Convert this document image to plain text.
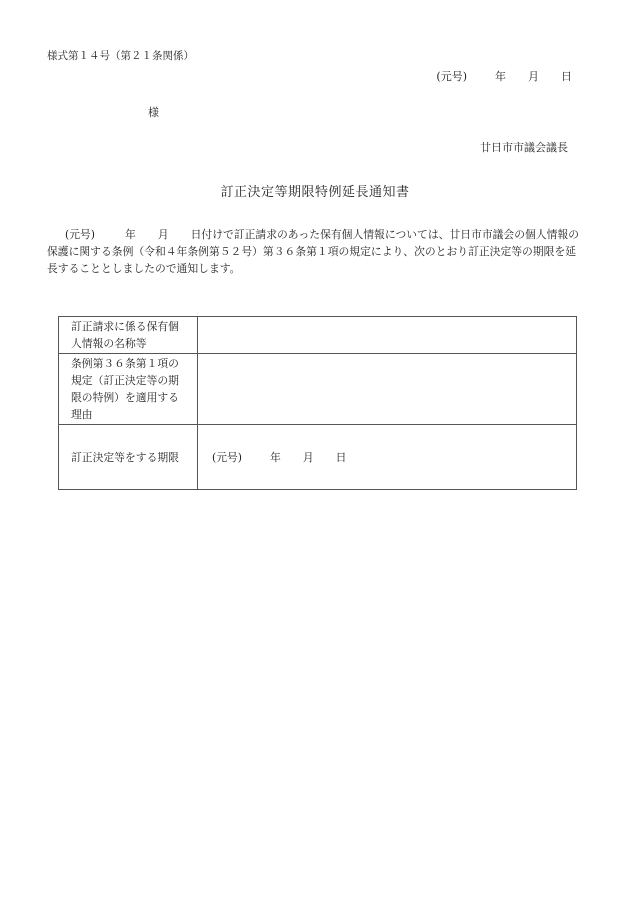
様式第１４号（第２１条関係）
(元号)	年 月 日
様
廿日市市議会議長
訂正決定等期限特例延長通知書
(元号)	年 月 日付けで訂正請求のあった保有個人情報については、廿日市市議会の個人情報の保護に関する条例（令和４年条例第５２号）第３６条第１項の規定により、次のとおり訂正決定等の期限を延長することとしましたので通知します。
訂正請求に係る保有個人情報の名称等	
条例第３６条第１項の規定（訂正決定等の期限の特例）を適用する理由	
訂正決定等をする期限	(元号) 年 月 日
